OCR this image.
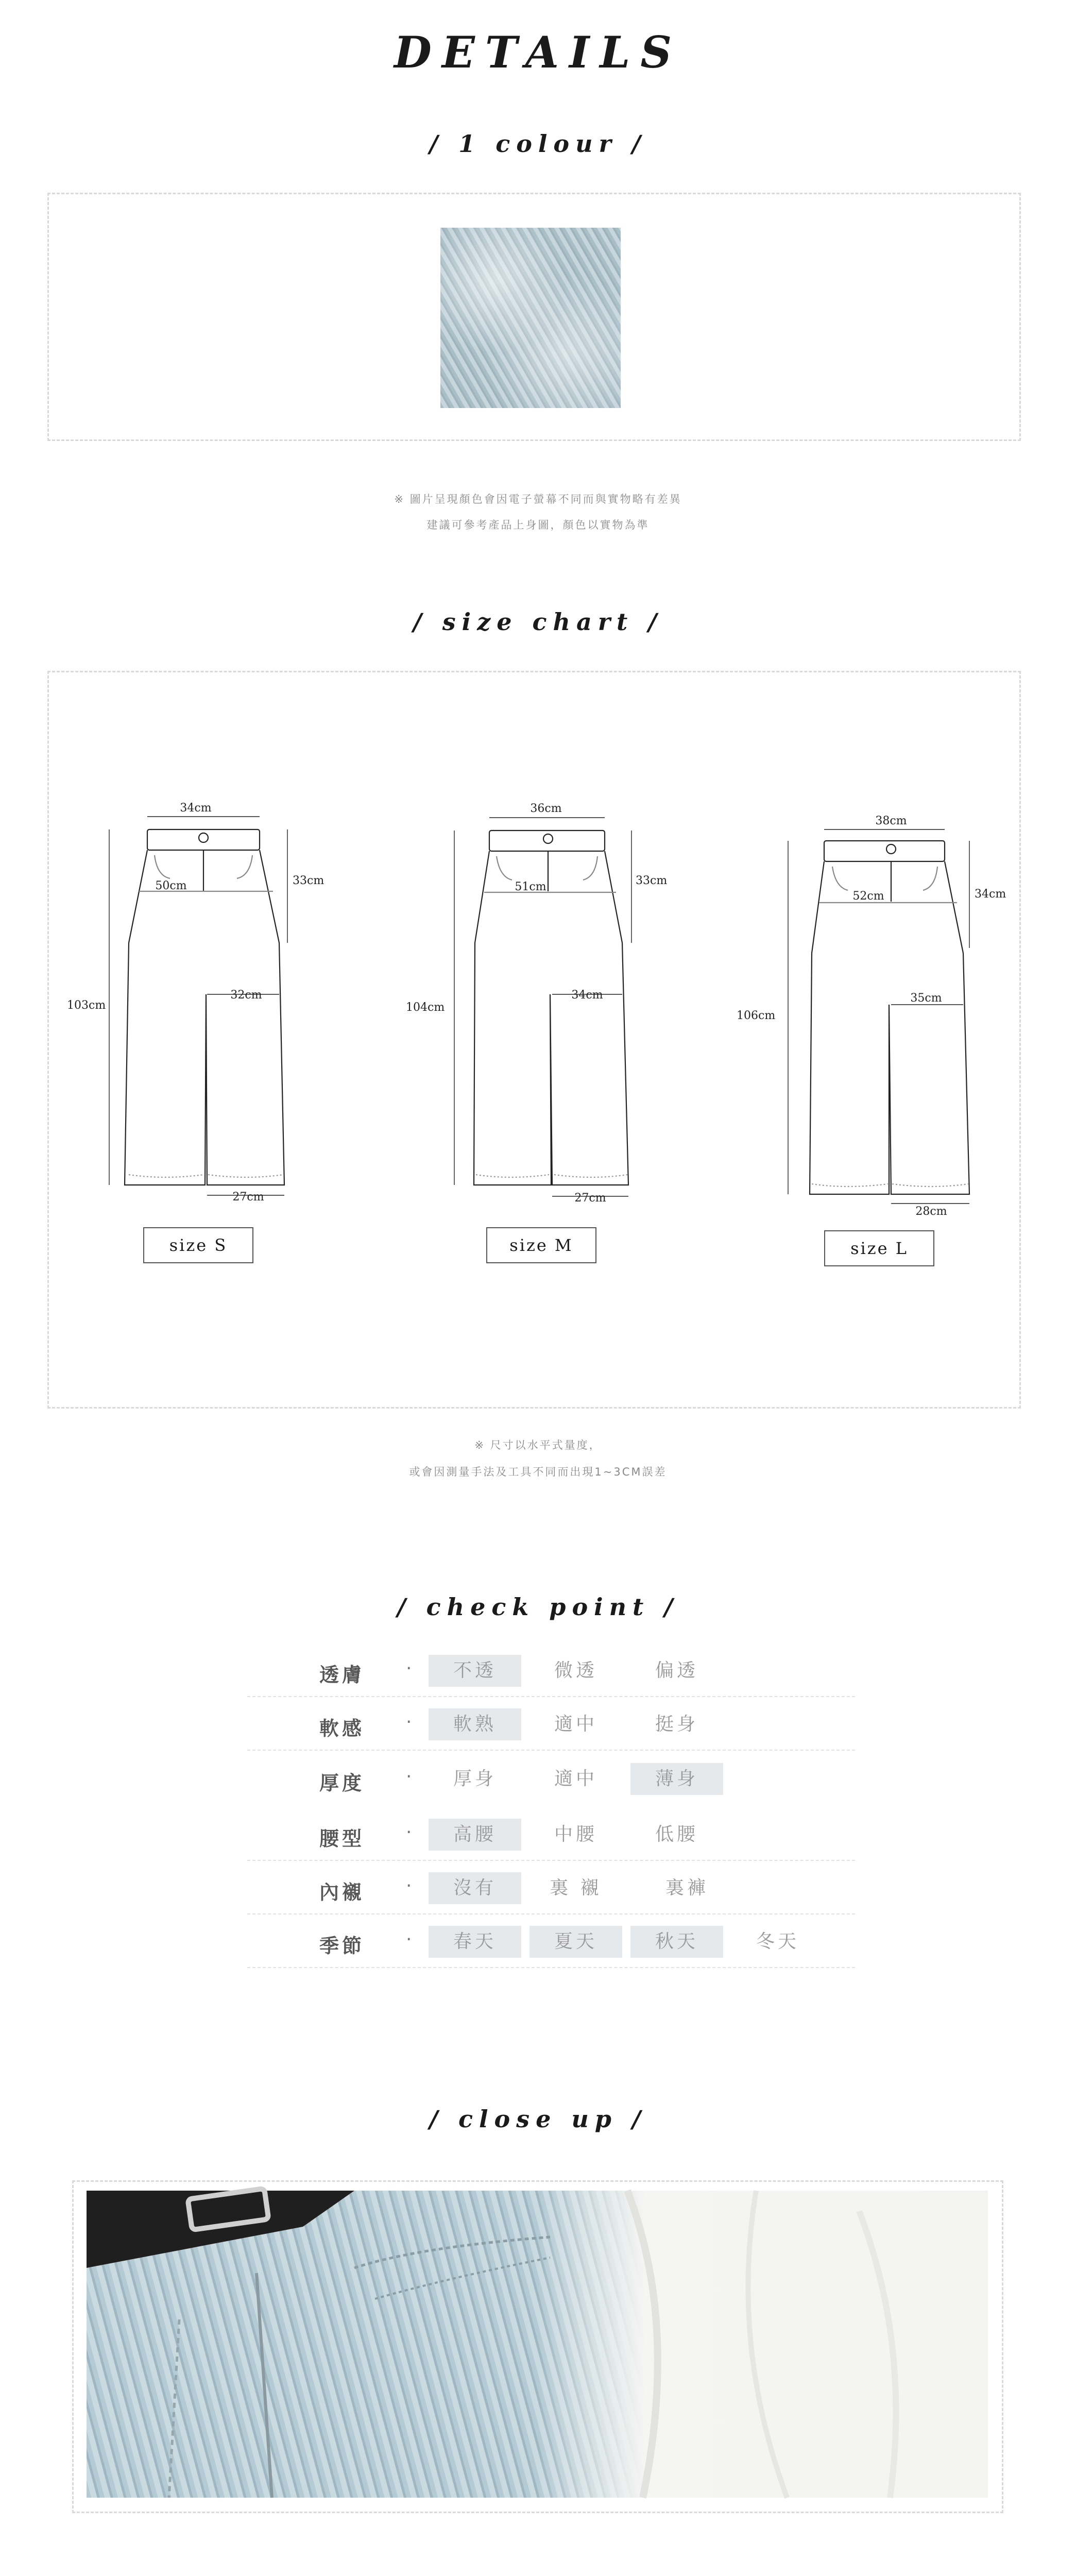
DETAILS
/ 1 colour /
※ 圖片呈現顏色會因電子螢幕不同而與實物略有差異
建議可參考產品上身圖，顏色以實物為準
/ size chart /
34cm
50cm	33cm
103cm
32cm
27cm
size S
36cm
51cm	33cm
104cm
34cm
27cm
size M
38cm
52cm	34cm
106cm
35cm
28cm
size L
※ 尺寸以水平式量度，
或會因測量手法及工具不同而出現1~3CM誤差
/ check point /
透膚 ·	不透	微透	偏透
軟感 ·	軟熟	適中	挺身
厚度 ·	厚身	適中	薄身
腰型 ·	高腰	中腰	低腰
內襯 ·	沒有	裏 襯	裏褲
季節 ·	春天	夏天	秋天	冬天
/ close up /
